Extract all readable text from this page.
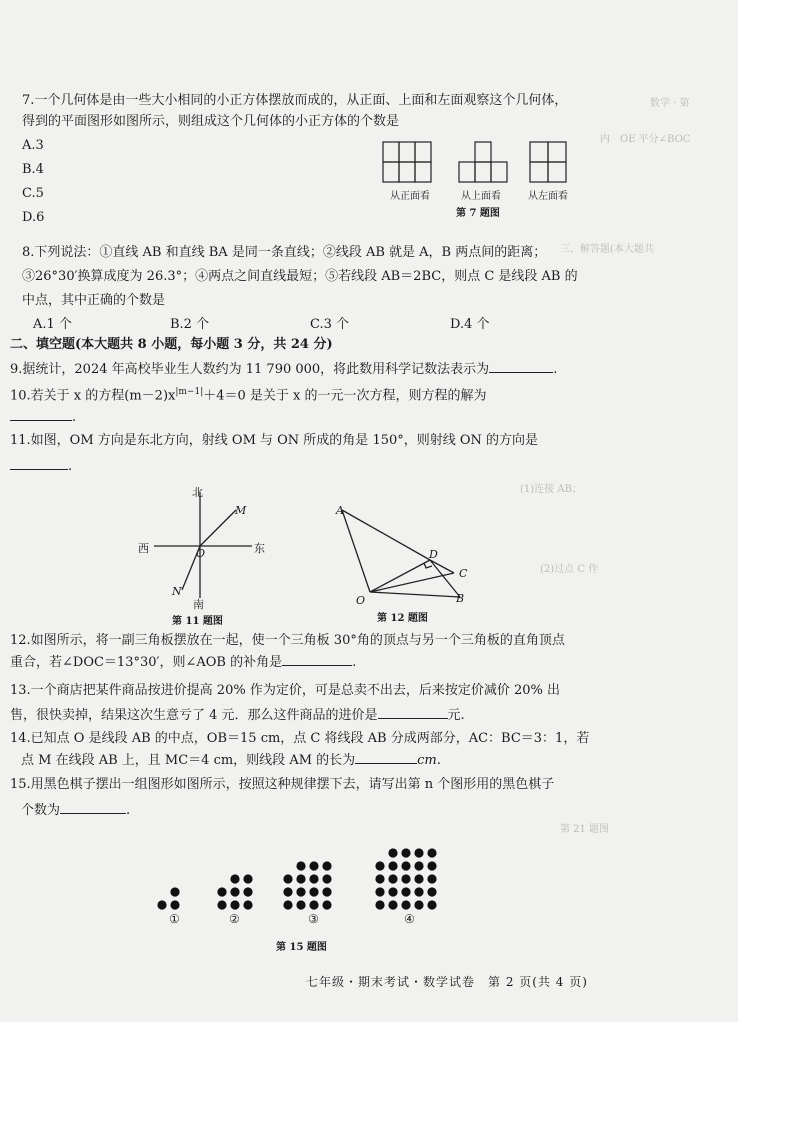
数学 · 第
内　OE 平分∠BOC
三、解答题(本大题共
(1)连接 AB；
(2)过点 C 作
第 21 题图
7.一个几何体是由一些大小相同的小正方体摆放而成的，从正面、上面和左面观察这个几何体，
得到的平面图形如图所示，则组成这个几何体的小正方体的个数是
A.3
B.4
C.5
D.6
从正面看	从上面看	从左面看
第 7 题图
8.下列说法：①直线 AB 和直线 BA 是同一条直线；②线段 AB 就是 A，B 两点间的距离；
③26°30′换算成度为 26.3°；④两点之间直线最短；⑤若线段 AB＝2BC，则点 C 是线段 AB 的
中点，其中正确的个数是
A.1 个	B.2 个	C.3 个	D.4 个
二、填空题(本大题共 8 小题，每小题 3 分，共 24 分)
9.据统计，2024 年高校毕业生人数约为 11 790 000，将此数用科学记数法表示为	.
10.若关于 x 的方程$(m-2)x^{|m-1|}+4=0$ 是关于 x 的一元一次方程，则方程的解为
.
11.如图，OM 方向是东北方向，射线 OM 与 ON 所成的角是 150°，则射线 ON 的方向是
.
北
南
西	东
M
N
O
第 11 题图
A
D
C
B
O
第 12 题图
12.如图所示，将一副三角板摆放在一起，使一个三角板 30°角的顶点与另一个三角板的直角顶点
重合，若∠DOC＝13°30′，则∠AOB 的补角是	.
13.一个商店把某件商品按进价提高 20% 作为定价，可是总卖不出去，后来按定价减价 20% 出
售，很快卖掉，结果这次生意亏了 4 元．那么这件商品的进价是	元.
14.已知点 O 是线段 AB 的中点，OB＝15 cm，点 C 将线段 AB 分成两部分，AC：BC＝3：1，若
点 M 在线段 AB 上，且 MC＝4 cm，则线段 AM 的长为	cm.
15.用黑色棋子摆出一组图形如图所示，按照这种规律摆下去，请写出第 n 个图形用的黑色棋子
个数为	.
①	②	③	④
第 15 题图
七年级・期末考试・数学试卷　第 2 页(共 4 页)
